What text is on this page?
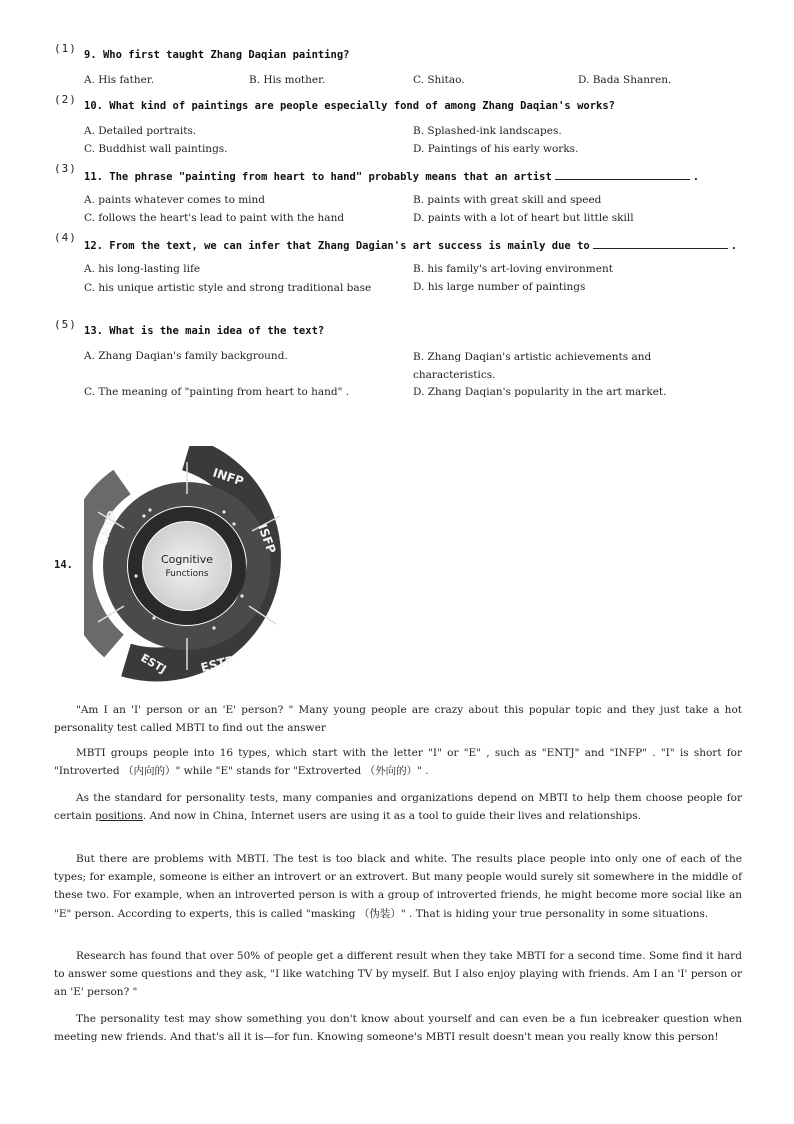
(1) 9. Who first taught Zhang Daqian painting?
A. His father.	B. His mother.	C. Shitao.	D. Bada Shanren.
(2) 10. What kind of paintings are people especially fond of among Zhang Daqian's works?
A. Detailed portraits.	B. Splashed-ink landscapes.
C. Buddhist wall paintings.	D. Paintings of his early works.
(3)
11. The phrase "painting from heart to hand" probably means that an artist	.
A. paints whatever comes to mind	B. paints with great skill and speed
C. follows the heart's lead to paint with the hand	D. paints with a lot of heart but little skill
(4)
12. From the text, we can infer that Zhang Dagian's art success is mainly due to	.
A. his long-lasting life	B. his family's art-loving environment
C. his unique artistic style and strong traditional base	D. his large number of paintings
(5) 13. What is the main idea of the text?
A. Zhang Daqian's family background.	B. Zhang Daqian's artistic achievements and characteristics.
C. The meaning of "painting from heart to hand" .	D. Zhang Daqian's popularity in the art market.
14.	Cognitive
Functions
INFP
ISFP
ESTP
ESTJ
ENTP

"Am I an 'I' person or an 'E' person? " Many young people are crazy about this popular topic and they just take a hot personality test called MBTI to find out the answer

MBTI groups people into 16 types, which start with the letter "I" or "E" , such as "ENTJ" and "INFP" . "I" is short for "Introverted （内向的）" while "E" stands for "Extroverted （外向的）" .

As the standard for personality tests, many companies and organizations depend on MBTI to help them choose people for certain positions. And now in China, Internet users are using it as a tool to guide their lives and relationships.

But there are problems with MBTI. The test is too black and white. The results place people into only one of each of the types; for example, someone is either an introvert or an extrovert. But many people would surely sit somewhere in the middle of these two. For example, when an introverted person is with a group of introverted friends, he might become more social like an "E" person. According to experts, this is called "masking （伪装）" . That is hiding your true personality in some situations.

Research has found that over 50% of people get a different result when they take MBTI for a second time. Some find it hard to answer some questions and they ask, "I like watching TV by myself. But I also enjoy playing with friends. Am I an 'I' person or an 'E' person? "

The personality test may show something you don't know about yourself and can even be a fun icebreaker question when meeting new friends. And that's all it is—for fun. Knowing someone's MBTI result doesn't mean you really know this person!
